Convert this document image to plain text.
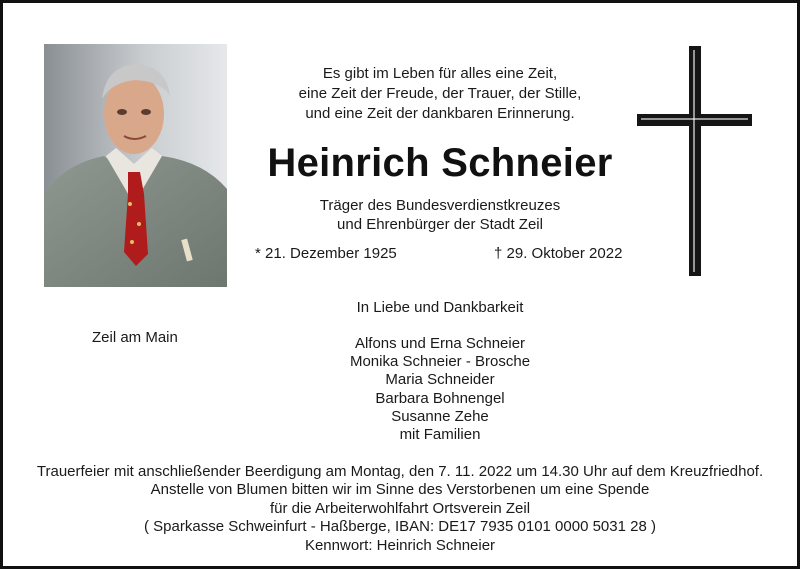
Es gibt im Leben für alles eine Zeit,
eine Zeit der Freude, der Trauer, der Stille,
und eine Zeit der dankbaren Erinnerung.
Heinrich Schneier
Träger des Bundesverdienstkreuzes
und Ehrenbürger der Stadt Zeil
* 21. Dezember 1925	† 29. Oktober 2022
In Liebe und Dankbarkeit
Zeil am Main	Alfons und Erna Schneier
Monika Schneier - Brosche
Maria Schneider
Barbara Bohnengel
Susanne Zehe
mit Familien
Trauerfeier mit anschließender Beerdigung am Montag, den 7. 11. 2022 um 14.30 Uhr auf dem Kreuzfriedhof.
Anstelle von Blumen bitten wir im Sinne des Verstorbenen um eine Spende
für die Arbeiterwohlfahrt Ortsverein Zeil
( Sparkasse Schweinfurt - Haßberge, IBAN: DE17 7935 0101 0000 5031 28 )
Kennwort: Heinrich Schneier
